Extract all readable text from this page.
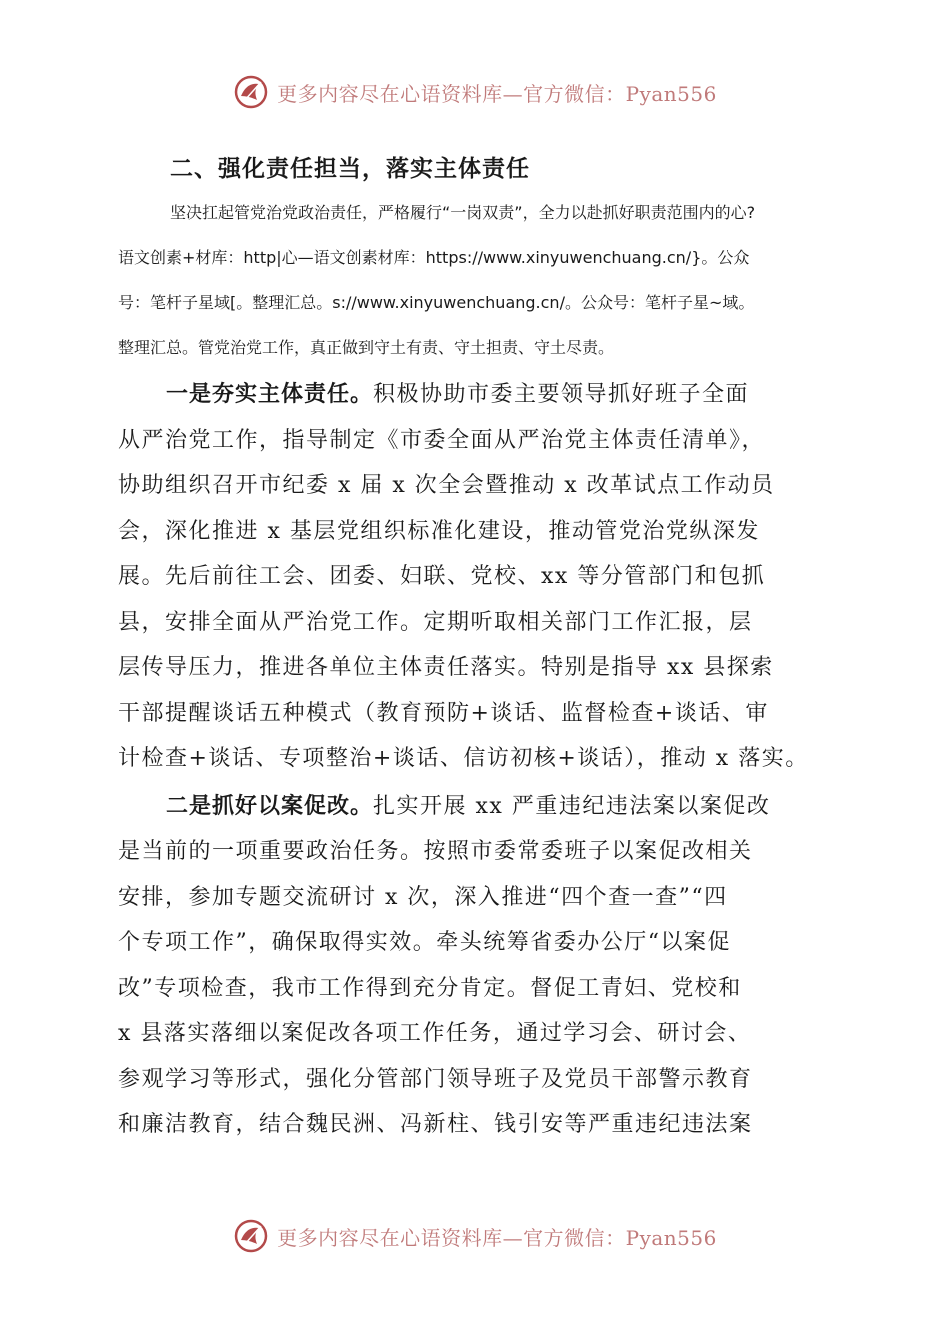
更多内容尽在心语资料库—官方微信：Pyan556
二、强化责任担当，落实主体责任
坚决扛起管党治党政治责任，严格履行“一岗双责”，全力以赴抓好职责范围内的心?
语文创素+材库：http|心—语文创素材库：https://www.xinyuwenchuang.cn/}。公众
号：笔杆子星域[。整理汇总。s://www.xinyuwenchuang.cn/。公众号：笔杆子星~域。
整理汇总。管党治党工作，真正做到守土有责、守土担责、守土尽责。
一是夯实主体责任。积极协助市委主要领导抓好班子全面
从严治党工作，指导制定《市委全面从严治党主体责任清单》，
协助组织召开市纪委 x 届 x 次全会暨推动 x 改革试点工作动员
会，深化推进 x 基层党组织标准化建设，推动管党治党纵深发
展。先后前往工会、团委、妇联、党校、xx 等分管部门和包抓
县，安排全面从严治党工作。定期听取相关部门工作汇报，层
层传导压力，推进各单位主体责任落实。特别是指导 xx 县探索
干部提醒谈话五种模式（教育预防+谈话、监督检查+谈话、审
计检查+谈话、专项整治+谈话、信访初核+谈话），推动 x 落实。
二是抓好以案促改。扎实开展 xx 严重违纪违法案以案促改
是当前的一项重要政治任务。按照市委常委班子以案促改相关
安排，参加专题交流研讨 x 次，深入推进“四个查一查”“四
个专项工作”，确保取得实效。牵头统筹省委办公厅“以案促
改”专项检查，我市工作得到充分肯定。督促工青妇、党校和
x 县落实落细以案促改各项工作任务，通过学习会、研讨会、
参观学习等形式，强化分管部门领导班子及党员干部警示教育
和廉洁教育，结合魏民洲、冯新柱、钱引安等严重违纪违法案
更多内容尽在心语资料库—官方微信：Pyan556
